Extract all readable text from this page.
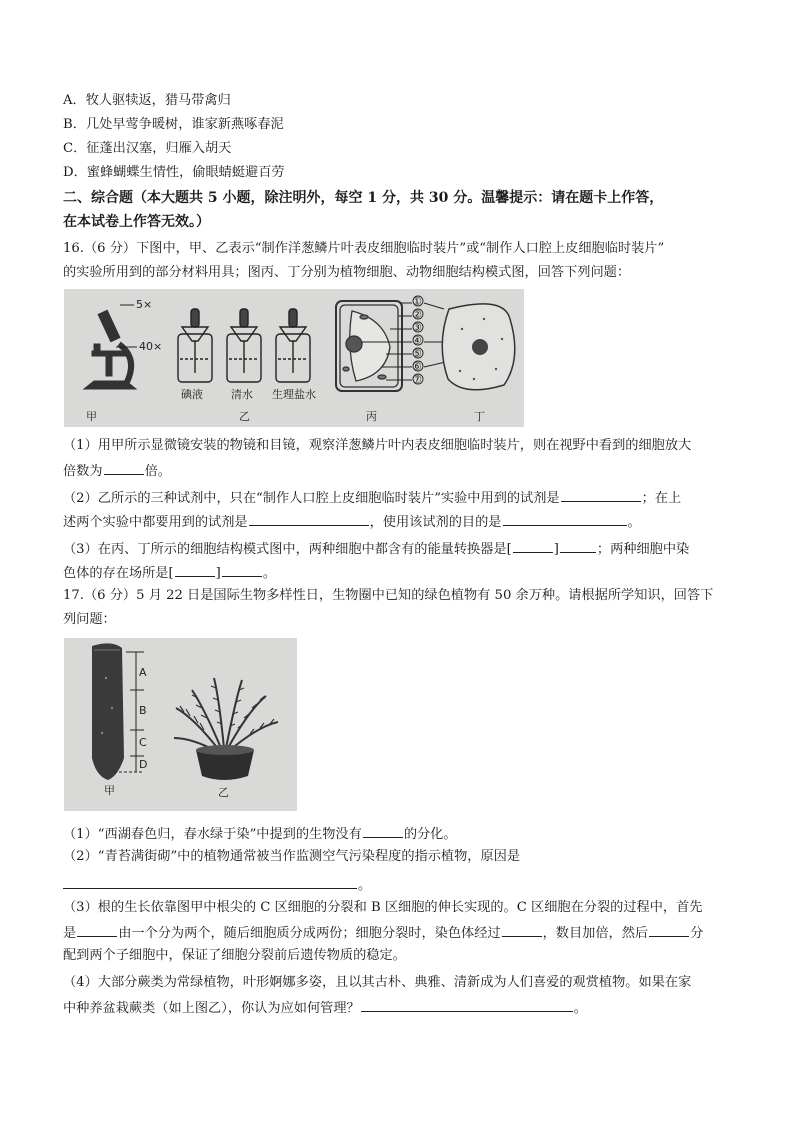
A．牧人驱犊返，猎马带禽归
B．几处早莺争暖树，谁家新燕啄春泥
C．征蓬出汉塞，归雁入胡天
D．蜜蜂蝴蝶生情性，偷眼蜻蜓避百劳
二、综合题（本大题共 5 小题，除注明外，每空 1 分，共 30 分。温馨提示：请在题卡上作答，
在本试卷上作答无效。）
16.（6 分）下图中，甲、乙表示“制作洋葱鳞片叶表皮细胞临时装片”或“制作人口腔上皮细胞临时装片”
的实验所用到的部分材料用具；图丙、丁分别为植物细胞、动物细胞结构模式图，回答下列问题：
5×
40×
碘液	清水 生理盐水
①
②
③
④
⑤
⑥
⑦
甲	乙	丙	丁
（1）用甲所示显微镜安装的物镜和目镜，观察洋葱鳞片叶内表皮细胞临时装片，则在视野中看到的细胞放大
倍数为	倍。
（2）乙所示的三种试剂中，只在“制作人口腔上皮细胞临时装片”实验中用到的试剂是	；在上
述两个实验中都要用到的试剂是	，使用该试剂的目的是	。
（3）在丙、丁所示的细胞结构模式图中，两种细胞中都含有的能量转换器是[	]	；两种细胞中染
色体的存在场所是[	]	。
17.（6 分）5 月 22 日是国际生物多样性日，生物圈中已知的绿色植物有 50 余万种。请根据所学知识，回答下
列问题：
A
B
C
D
甲	乙
（1）“西湖春色归，春水绿于染”中提到的生物没有	的分化。
（2）“青苔满街砌”中的植物通常被当作监测空气污染程度的指示植物，原因是
。
（3）根的生长依靠图甲中根尖的 C 区细胞的分裂和 B 区细胞的伸长实现的。C 区细胞在分裂的过程中，首先
是	由一个分为两个，随后细胞质分成两份；细胞分裂时，染色体经过	，数目加倍，然后	分
配到两个子细胞中，保证了细胞分裂前后遗传物质的稳定。
（4）大部分蕨类为常绿植物，叶形婀娜多姿，且以其古朴、典雅、清新成为人们喜爱的观赏植物。如果在家
中种养盆栽蕨类（如上图乙），你认为应如何管理？	。
